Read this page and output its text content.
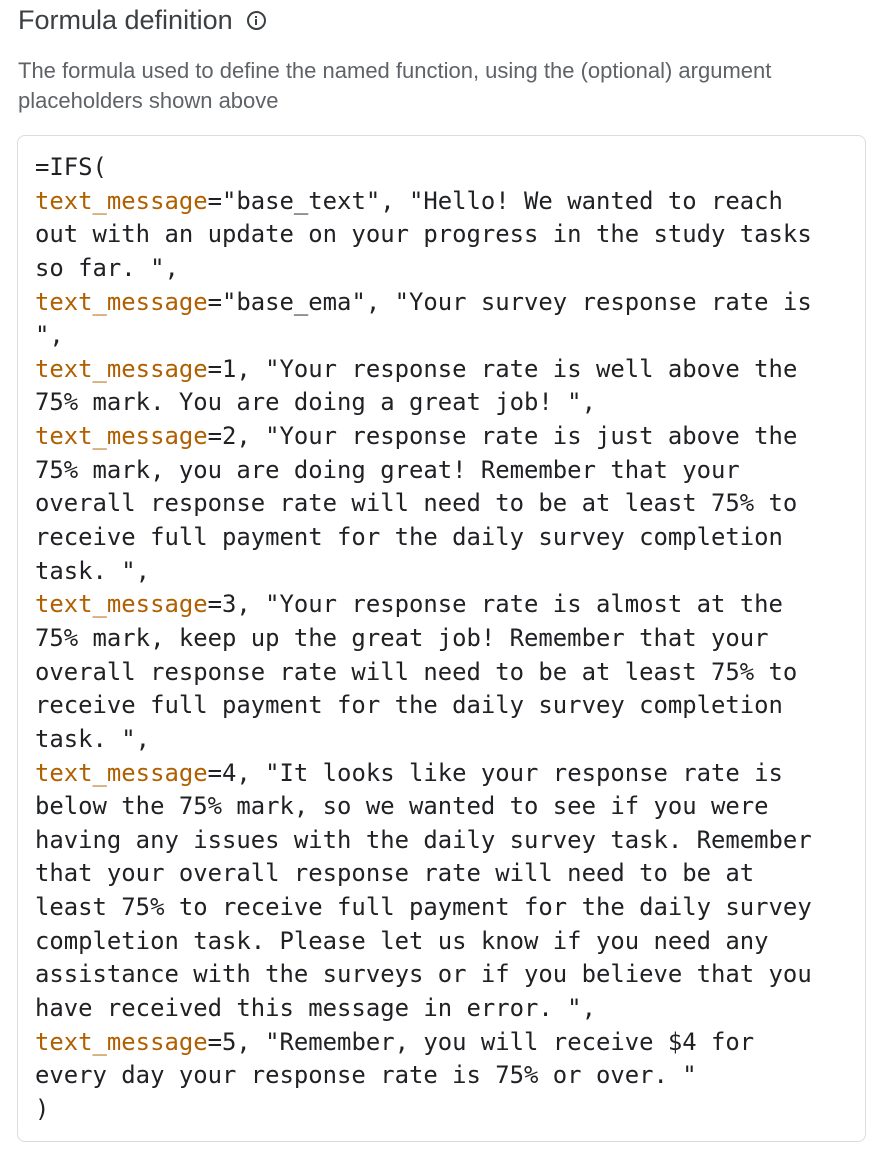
Formula definition
The formula used to define the named function, using the (optional) argument placeholders shown above
=IFS(
text_message="base_text", "Hello! We wanted to reach
out with an update on your progress in the study tasks
so far. ",
text_message="base_ema", "Your survey response rate is
",
text_message=1, "Your response rate is well above the
75% mark. You are doing a great job! ",
text_message=2, "Your response rate is just above the
75% mark, you are doing great! Remember that your
overall response rate will need to be at least 75% to
receive full payment for the daily survey completion
task. ",
text_message=3, "Your response rate is almost at the
75% mark, keep up the great job! Remember that your
overall response rate will need to be at least 75% to
receive full payment for the daily survey completion
task. ",
text_message=4, "It looks like your response rate is
below the 75% mark, so we wanted to see if you were
having any issues with the daily survey task. Remember
that your overall response rate will need to be at
least 75% to receive full payment for the daily survey
completion task. Please let us know if you need any
assistance with the surveys or if you believe that you
have received this message in error. ",
text_message=5, "Remember, you will receive $4 for
every day your response rate is 75% or over. "
)
